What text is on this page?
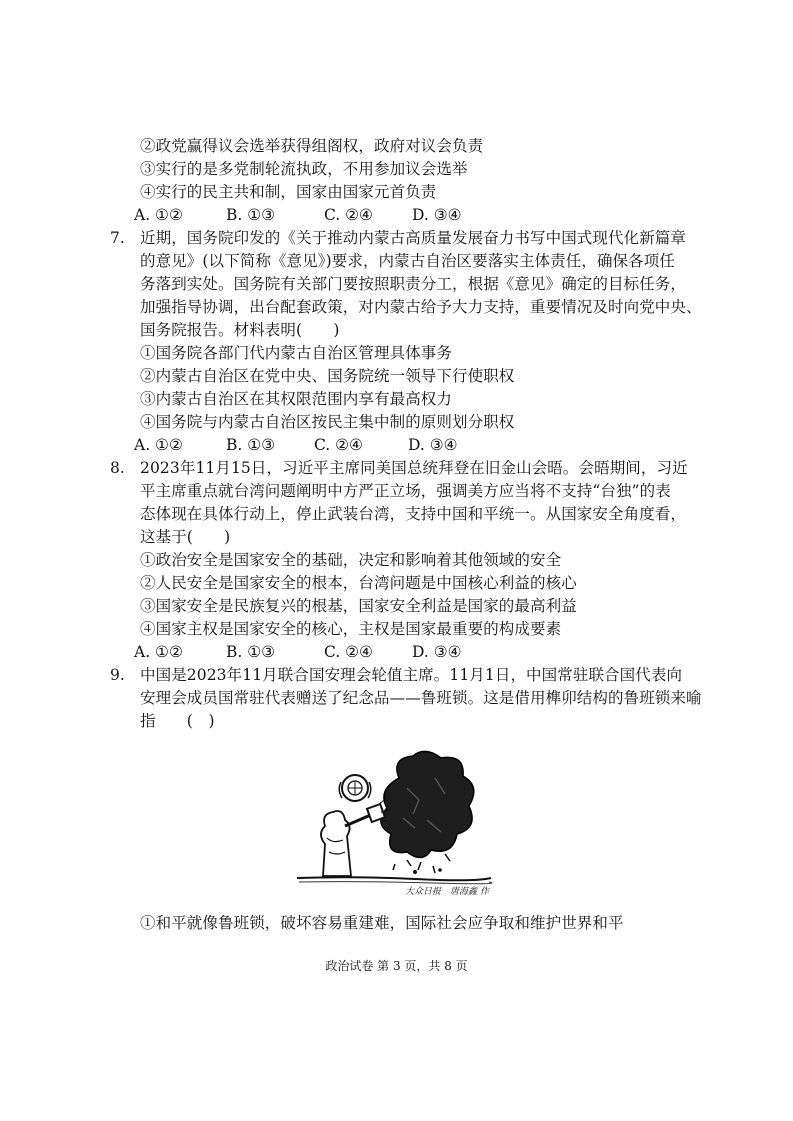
②政党赢得议会选举获得组阁权，政府对议会负责
③实行的是多党制轮流执政，不用参加议会选举
④实行的民主共和制，国家由国家元首负责
A. ①②	B. ①③	C. ②④	D. ③④
7. 近期，国务院印发的《关于推动内蒙古高质量发展奋力书写中国式现代化新篇章
的意见》(以下简称《意见》)要求，内蒙古自治区要落实主体责任，确保各项任
务落到实处。国务院有关部门要按照职责分工，根据《意见》确定的目标任务，
加强指导协调，出台配套政策，对内蒙古给予大力支持，重要情况及时向党中央、
国务院报告。材料表明(　　)
①国务院各部门代内蒙古自治区管理具体事务
②内蒙古自治区在党中央、国务院统一领导下行使职权
③内蒙古自治区在其权限范围内享有最高权力
④国务院与内蒙古自治区按民主集中制的原则划分职权
A. ①②	B. ①③	C. ②④	D. ③④
8. 2023年11月15日，习近平主席同美国总统拜登在旧金山会晤。会晤期间，习近
平主席重点就台湾问题阐明中方严正立场，强调美方应当将不支持“台独”的表
态体现在具体行动上，停止武装台湾，支持中国和平统一。从国家安全角度看，
这基于(　　)
①政治安全是国家安全的基础，决定和影响着其他领域的安全
②人民安全是国家安全的根本，台湾问题是中国核心利益的核心
③国家安全是民族复兴的根基，国家安全利益是国家的最高利益
④国家主权是国家安全的核心，主权是国家最重要的构成要素
A. ①②	B. ①③	C. ②④	D. ③④
9. 中国是2023年11月联合国安理会轮值主席。11月1日，中国常驻联合国代表向
安理会成员国常驻代表赠送了纪念品——鲁班锁。这是借用榫卯结构的鲁班锁来喻
指　　(　)
大众日报　唐海鑫 作
①和平就像鲁班锁，破坏容易重建难，国际社会应争取和维护世界和平
政治试卷 第 3 页，共 8 页
